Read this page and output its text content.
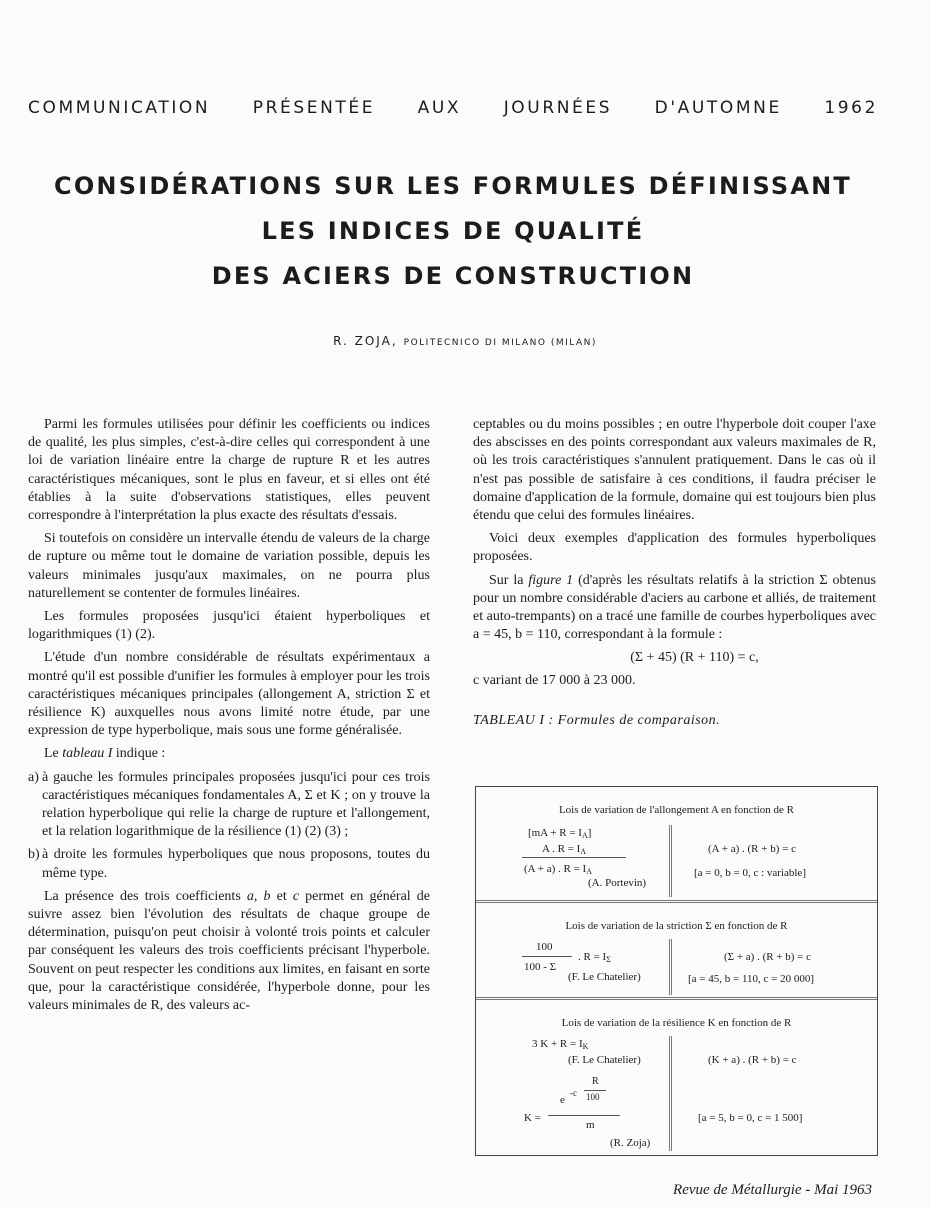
COMMUNICATION PRÉSENTÉE AUX JOURNÉES D'AUTOMNE 1962
CONSIDÉRATIONS SUR LES FORMULES DÉFINISSANT
LES INDICES DE QUALITÉ
DES ACIERS DE CONSTRUCTION
R. ZOJA, POLITECNICO DI MILANO (MILAN)

Parmi les formules utilisées pour définir les coefficients ou indices de qualité, les plus simples, c'est-à-dire celles qui correspondent à une loi de variation linéaire entre la charge de rupture R et les autres caractéristiques mécaniques, sont le plus en faveur, et si elles ont été établies à la suite d'observations statistiques, elles peuvent correspondre à l'interprétation la plus exacte des résultats d'essais.

Si toutefois on considère un intervalle étendu de valeurs de la charge de rupture ou même tout le domaine de variation possible, depuis les valeurs minimales jusqu'aux maximales, on ne pourra plus naturellement se contenter de formules linéaires.

Les formules proposées jusqu'ici étaient hyperboliques et logarithmiques (1) (2).

L'étude d'un nombre considérable de résultats expérimentaux a montré qu'il est possible d'unifier les formules à employer pour les trois caractéristiques mécaniques principales (allongement A, striction Σ et résilience K) auxquelles nous avons limité notre étude, par une expression de type hyperbolique, mais sous une forme généralisée.

Le tableau I indique :

a) à gauche les formules principales proposées jusqu'ici pour ces trois caractéristiques mécaniques fondamentales A, Σ et K ; on y trouve la relation hyperbolique qui relie la charge de rupture et l'allongement, et la relation logarithmique de la résilience (1) (2) (3) ;
b) à droite les formules hyperboliques que nous proposons, toutes du même type.

La présence des trois coefficients a, b et c permet en général de suivre assez bien l'évolution des résultats de chaque groupe de détermination, puisqu'on peut choisir à volonté trois points et calculer par conséquent les valeurs des trois coefficients précisant l'hyperbole. Souvent on peut respecter les conditions aux limites, en faisant en sorte que, pour la caractéristique considérée, l'hyperbole donne, pour les valeurs minimales de R, des valeurs ac-

ceptables ou du moins possibles ; en outre l'hyperbole doit couper l'axe des abscisses en des points correspondant aux valeurs maximales de R, où les trois caractéristiques s'annulent pratiquement. Dans le cas où il n'est pas possible de satisfaire à ces conditions, il faudra préciser le domaine d'application de la formule, domaine qui est toujours bien plus étendu que celui des formules linéaires.

Voici deux exemples d'application des formules hyperboliques proposées.

Sur la figure 1 (d'après les résultats relatifs à la striction Σ obtenus pour un nombre considérable d'aciers au carbone et alliés, de traitement et auto-trempants) on a tracé une famille de courbes hyperboliques avec a = 45, b = 110, correspondant à la formule :

(Σ + 45) (R + 110) = c,

c variant de 17 000 à 23 000.

TABLEAU I : Formules de comparaison.
Lois de variation de l'allongement A en fonction de R
$[mA + R = I_A]$
A . $R = I_A$
(A + a) . $R = I_A$
(A. Portevin)
(A + a) . (R + b) = c
[a = 0, b = 0, c : variable]
Lois de variation de la striction Σ en fonction de R
100
100 - Σ
. $R = I_\Sigma$
(F. Le Chatelier)
(Σ + a) . (R + b) = c
[a = 45, b = 110, c = 20 000]
Lois de variation de la résilience K en fonction de R
3 $K + R = I_K$
(F. Le Chatelier)
K =
e
-c
R
100
m
(R. Zoja)
(K + a) . (R + b) = c
[a = 5, b = 0, c = 1 500]
Revue de Métallurgie - Mai 1963
